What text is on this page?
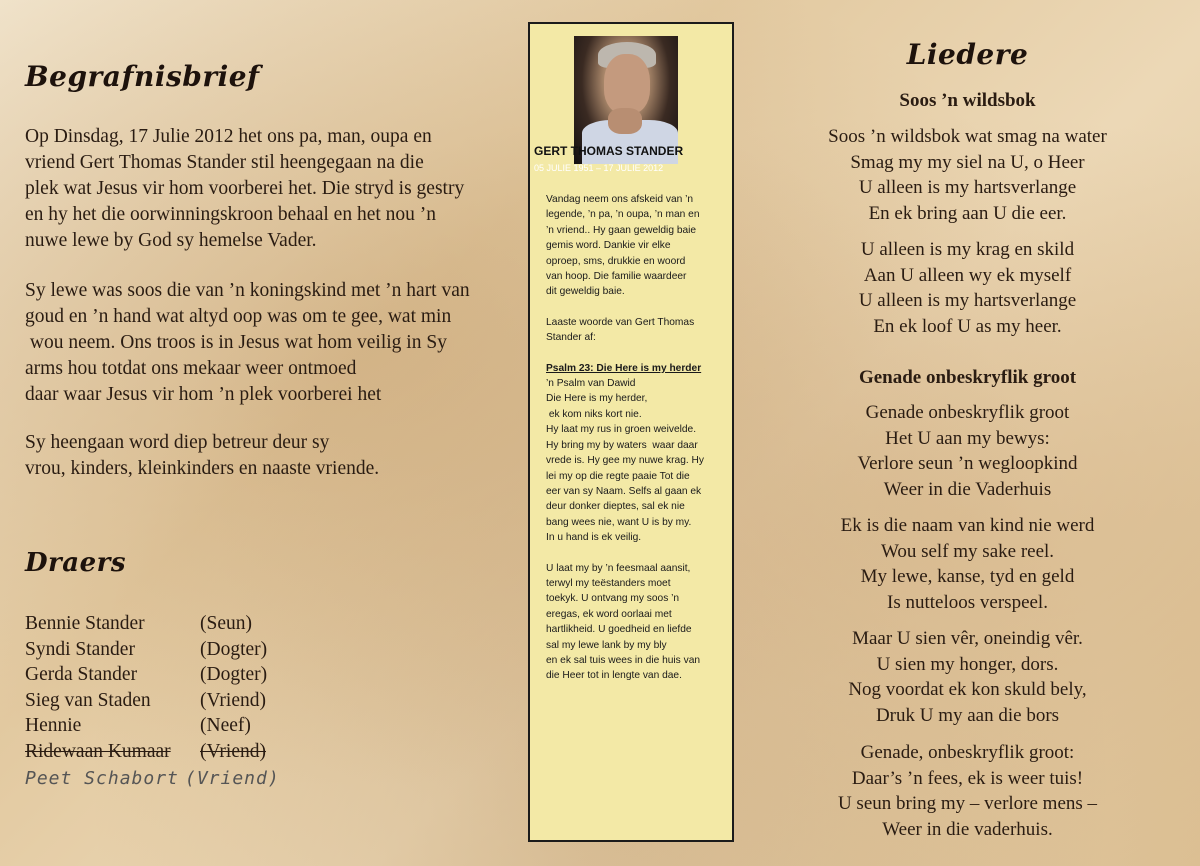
Begrafnisbrief
Op Dinsdag, 17 Julie 2012 het ons pa, man, oupa en
vriend Gert Thomas Stander stil heengegaan na die
plek wat Jesus vir hom voorberei het. Die stryd is gestry
en hy het die oorwinningskroon behaal en het nou ’n
nuwe lewe by God sy hemelse Vader.
Sy lewe was soos die van ’n koningskind met ’n hart van
goud en ’n hand wat altyd oop was om te gee, wat min
wou neem. Ons troos is in Jesus wat hom veilig in Sy
arms hou totdat ons mekaar weer ontmoed
daar waar Jesus vir hom ’n plek voorberei het
Sy heengaan word diep betreur deur sy
vrou, kinders, kleinkinders en naaste vriende.
Draers
Bennie Stander	(Seun)
Syndi Stander	(Dogter)
Gerda Stander	(Dogter)
Sieg van Staden	(Vriend)
Hennie	(Neef)
Ridewaan Kumaar	(Vriend)
Peet Schabort (Vriend)
GERT THOMAS STANDER
05 JULIE 1951 – 17 JULIE 2012

Vandag neem ons afskeid van ’n
legende, ’n pa, ’n oupa, ’n man en
’n vriend.. Hy gaan geweldig baie
gemis word. Dankie vir elke
oproep, sms, drukkie en woord
van hoop. Die familie waardeer
dit geweldig baie.

Laaste woorde van Gert Thomas
Stander af:

Psalm 23: Die Here is my herder
’n Psalm van Dawid
Die Here is my herder,
ek kom niks kort nie.
Hy laat my rus in groen weivelde.
Hy bring my by waters  waar daar
vrede is. Hy gee my nuwe krag. Hy
lei my op die regte paaie Tot die
eer van sy Naam. Selfs al gaan ek
deur donker dieptes, sal ek nie
bang wees nie, want U is by my.
In u hand is ek veilig.

U laat my by ’n feesmaal aansit,
terwyl my teëstanders moet
toekyk. U ontvang my soos ’n
eregas, ek word oorlaai met
hartlikheid. U goedheid en liefde
sal my lewe lank by my bly
en ek sal tuis wees in die huis van
die Heer tot in lengte van dae.

Liedere
Soos ’n wildsbok
Soos ’n wildsbok wat smag na water
Smag my my siel na U, o Heer
U alleen is my hartsverlange
En ek bring aan U die eer.
U alleen is my krag en skild
Aan U alleen wy ek myself
U alleen is my hartsverlange
En ek loof U as my heer.
Genade onbeskryflik groot
Genade onbeskryflik groot
Het U aan my bewys:
Verlore seun ’n wegloopkind
Weer in die Vaderhuis
Ek is die naam van kind nie werd
Wou self my sake reel.
My lewe, kanse, tyd en geld
Is nutteloos verspeel.
Maar U sien vêr, oneindig vêr.
U sien my honger, dors.
Nog voordat ek kon skuld bely,
Druk U my aan die bors
Genade, onbeskryflik groot:
Daar’s ’n fees, ek is weer tuis!
U seun bring my – verlore mens –
Weer in die vaderhuis.
